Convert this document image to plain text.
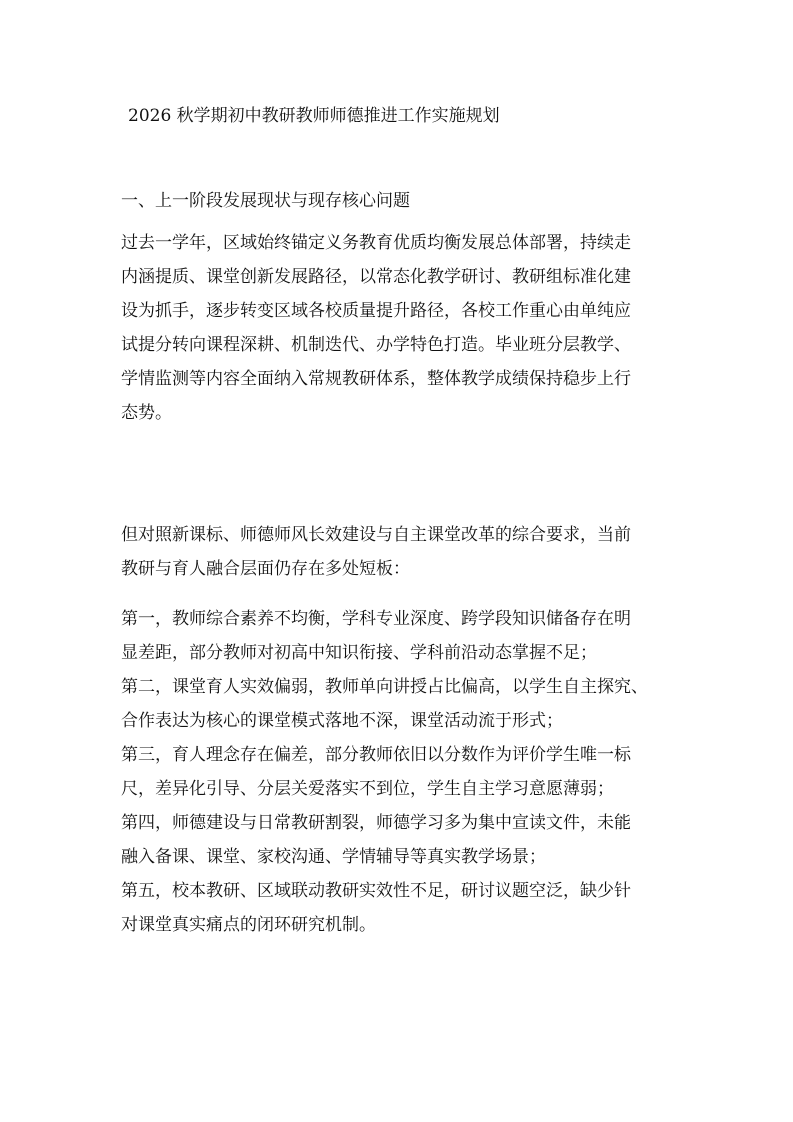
2026 秋学期初中教研教师师德推进工作实施规划

一、上一阶段发展现状与现存核心问题

过去一学年，区域始终锚定义务教育优质均衡发展总体部署，持续走

内涵提质、课堂创新发展路径，以常态化教学研讨、教研组标准化建

设为抓手，逐步转变区域各校质量提升路径，各校工作重心由单纯应

试提分转向课程深耕、机制迭代、办学特色打造。毕业班分层教学、

学情监测等内容全面纳入常规教研体系，整体教学成绩保持稳步上行

态势。

但对照新课标、师德师风长效建设与自主课堂改革的综合要求，当前

教研与育人融合层面仍存在多处短板：

第一，教师综合素养不均衡，学科专业深度、跨学段知识储备存在明

显差距，部分教师对初高中知识衔接、学科前沿动态掌握不足；

第二，课堂育人实效偏弱，教师单向讲授占比偏高，以学生自主探究、

合作表达为核心的课堂模式落地不深，课堂活动流于形式；

第三，育人理念存在偏差，部分教师依旧以分数作为评价学生唯一标

尺，差异化引导、分层关爱落实不到位，学生自主学习意愿薄弱；

第四，师德建设与日常教研割裂，师德学习多为集中宣读文件，未能

融入备课、课堂、家校沟通、学情辅导等真实教学场景；

第五，校本教研、区域联动教研实效性不足，研讨议题空泛，缺少针

对课堂真实痛点的闭环研究机制。
